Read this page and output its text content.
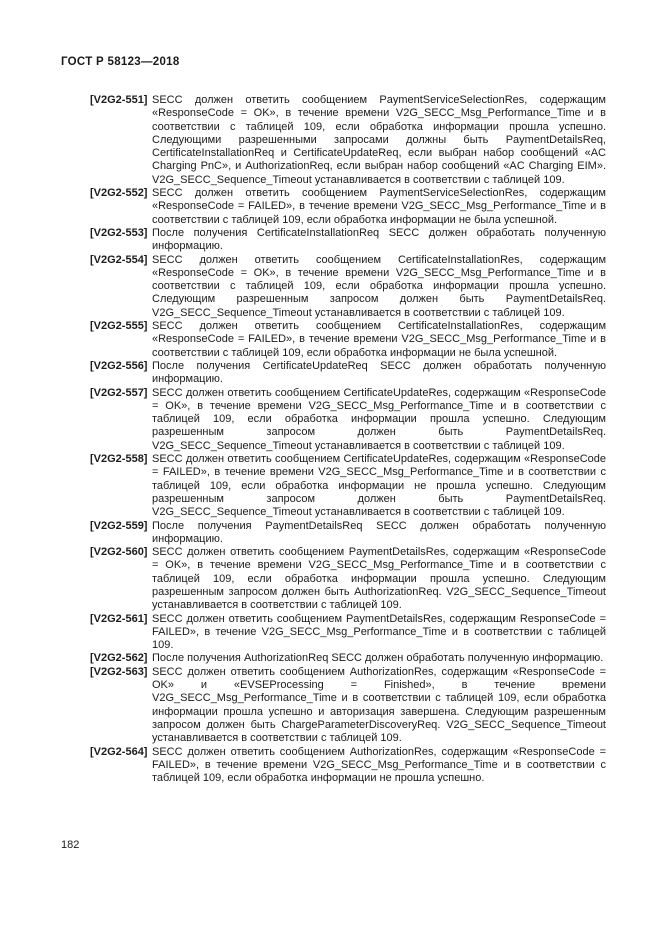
ГОСТ Р 58123—2018
[V2G2-551] SECC должен ответить сообщением PaymentServiceSelectionRes, содержащим «ResponseCode = OK», в течение времени V2G_SECC_Msg_Performance_Time и в соответствии с таблицей 109, если обработка информации прошла успешно. Следующими разрешенными запросами должны быть PaymentDetailsReq, CertificateInstallationReq и CertificateUpdateReq, если выбран набор сообщений «AC Charging PnC», и AuthorizationReq, если выбран набор сообщений «AC Charging EIM». V2G_SECC_Sequence_Timeout устанавливается в соответствии с таблицей 109.
[V2G2-552] SECC должен ответить сообщением PaymentServiceSelectionRes, содержащим «ResponseCode = FAILED», в течение времени V2G_SECC_Msg_Performance_Time и в соответствии с таблицей 109, если обработка информации не была успешной.
[V2G2-553] После получения CertificateInstallationReq SECC должен обработать полученную информацию.
[V2G2-554] SECC должен ответить сообщением CertificateInstallationRes, содержащим «ResponseCode = OK», в течение времени V2G_SECC_Msg_Performance_Time и в соответствии с таблицей 109, если обработка информации прошла успешно. Следующим разрешенным запросом должен быть PaymentDetailsReq. V2G_SECC_Sequence_Timeout устанавливается в соответствии с таблицей 109.
[V2G2-555] SECC должен ответить сообщением CertificateInstallationRes, содержащим «ResponseCode = FAILED», в течение времени V2G_SECC_Msg_Performance_Time и в соответствии с таблицей 109, если обработка информации не была успешной.
[V2G2-556] После получения CertificateUpdateReq SECC должен обработать полученную информацию.
[V2G2-557] SECC должен ответить сообщением CertificateUpdateRes, содержащим «ResponseCode = OK», в течение времени V2G_SECC_Msg_Performance_Time и в соответствии с таблицей 109, если обработка информации прошла успешно. Следующим разрешенным запросом должен быть PaymentDetailsReq. V2G_SECC_Sequence_Timeout устанавливается в соответствии с таблицей 109.
[V2G2-558] SECC должен ответить сообщением CertificateUpdateRes, содержащим «ResponseCode = FAILED», в течение времени V2G_SECC_Msg_Performance_Time и в соответствии с таблицей 109, если обработка информации не прошла успешно. Следующим разрешенным запросом должен быть PaymentDetailsReq. V2G_SECC_Sequence_Timeout устанавливается в соответствии с таблицей 109.
[V2G2-559] После получения PaymentDetailsReq SECC должен обработать полученную информацию.
[V2G2-560] SECC должен ответить сообщением PaymentDetailsRes, содержащим «ResponseCode = OK», в течение времени V2G_SECC_Msg_Performance_Time и в соответствии с таблицей 109, если обработка информации прошла успешно. Следующим разрешенным запросом должен быть AuthorizationReq. V2G_SECC_Sequence_Timeout устанавливается в соответствии с таблицей 109.
[V2G2-561] SECC должен ответить сообщением PaymentDetailsRes, содержащим ResponseCode = FAILED», в течение V2G_SECC_Msg_Performance_Time и в соответствии с таблицей 109.
[V2G2-562] После получения AuthorizationReq SECC должен обработать полученную информацию.
[V2G2-563] SECC должен ответить сообщением AuthorizationRes, содержащим «ResponseCode = OK» и «EVSEProcessing = Finished», в течение времени V2G_SECC_Msg_Performance_Time и в соответствии с таблицей 109, если обработка информации прошла успешно и авторизация завершена. Следующим разрешенным запросом должен быть ChargeParameterDiscoveryReq. V2G_SECC_Sequence_Timeout устанавливается в соответствии с таблицей 109.
[V2G2-564] SECC должен ответить сообщением AuthorizationRes, содержащим «ResponseCode = FAILED», в течение времени V2G_SECC_Msg_Performance_Time и в соответствии с таблицей 109, если обработка информации не прошла успешно.
182
